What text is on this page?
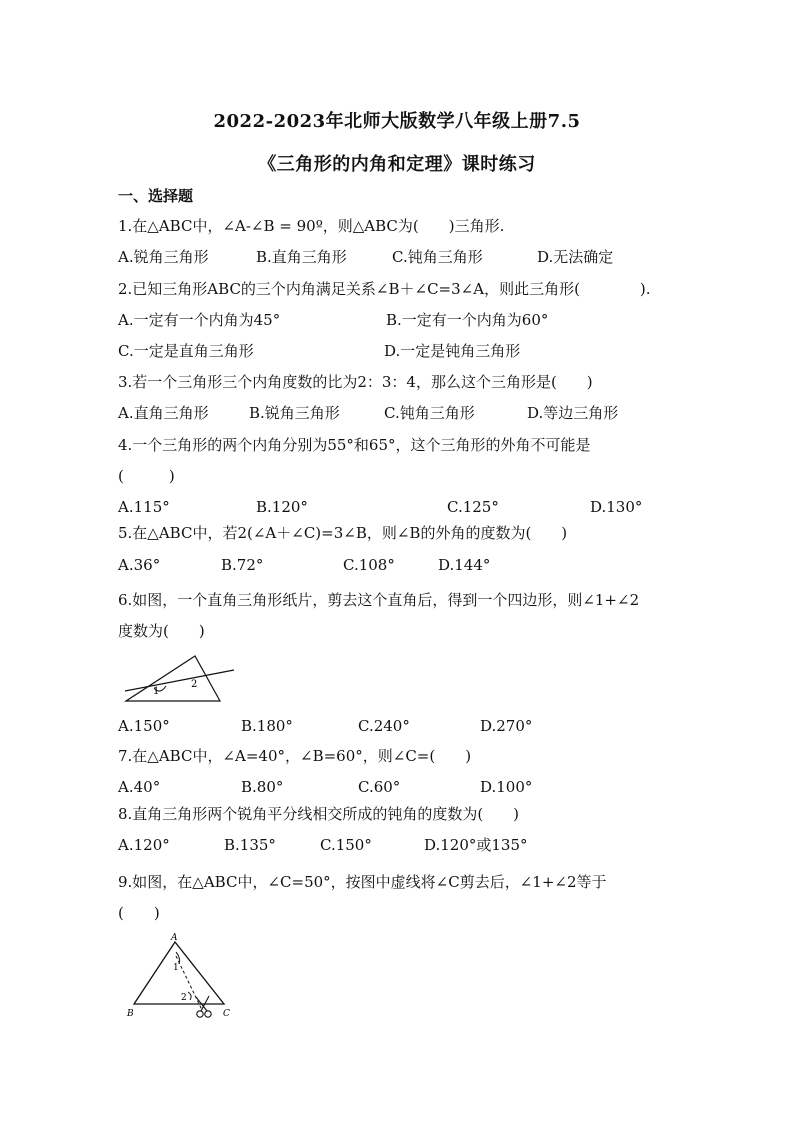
2022-2023年北师大版数学八年级上册7.5
《三角形的内角和定理》课时练习
一、选择题
1.在△ABC中，∠A-∠B = 90º，则△ABC为(　　)三角形.
A.锐角三角形	B.直角三角形	C.钝角三角形	D.无法确定
2.已知三角形ABC的三个内角满足关系∠B＋∠C=3∠A，则此三角形(　　　　).
A.一定有一个内角为45°	B.一定有一个内角为60°
C.一定是直角三角形	D.一定是钝角三角形
3.若一个三角形三个内角度数的比为2：3：4，那么这个三角形是(　　)
A.直角三角形	B.锐角三角形	C.钝角三角形	D.等边三角形
4.一个三角形的两个内角分别为55°和65°，这个三角形的外角不可能是
(　　　)
A.115°	B.120°	C.125°	D.130°
5.在△ABC中，若2(∠A＋∠C)=3∠B，则∠B的外角的度数为(　　)
A.36°	B.72°	C.108°	D.144°
6.如图，一个直角三角形纸片，剪去这个直角后，得到一个四边形，则∠1+∠2
度数为(　　)
1
2
A.150°	B.180°	C.240°	D.270°
7.在△ABC中，∠A=40°，∠B=60°，则∠C=(　　)
A.40°	B.80°	C.60°	D.100°
8.直角三角形两个锐角平分线相交所成的钝角的度数为(　　)
A.120°	B.135°	C.150°	D.120°或135°
9.如图，在△ABC中，∠C=50°，按图中虚线将∠C剪去后，∠1+∠2等于
(　　)
A
B	C
1
2
